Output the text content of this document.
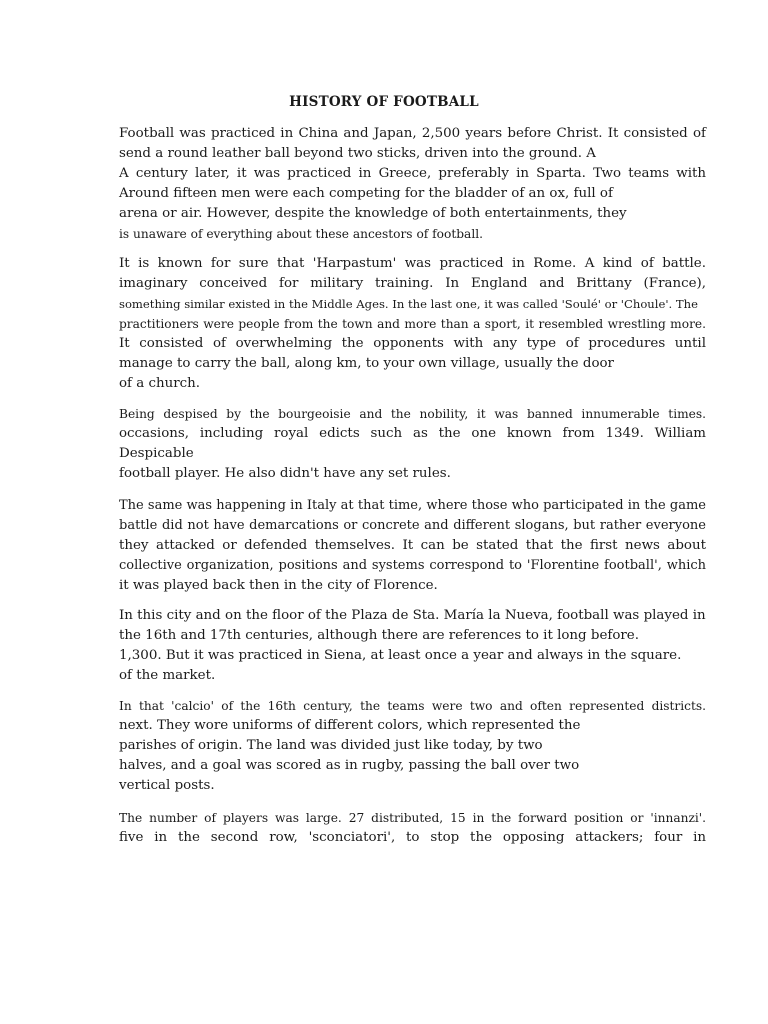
HISTORY OF FOOTBALL
Football was practiced in China and Japan, 2,500 years before Christ. It consisted of
send a round leather ball beyond two sticks, driven into the ground. A
A century later, it was practiced in Greece, preferably in Sparta. Two teams with
Around fifteen men were each competing for the bladder of an ox, full of
arena or air. However, despite the knowledge of both entertainments, they
is unaware of everything about these ancestors of football.
It is known for sure that 'Harpastum' was practiced in Rome. A kind of battle.
imaginary conceived for military training. In England and Brittany (France),
something similar existed in the Middle Ages. In the last one, it was called 'Soulé' or 'Choule'. The
practitioners were people from the town and more than a sport, it resembled wrestling more.
It consisted of overwhelming the opponents with any type of procedures until
manage to carry the ball, along km, to your own village, usually the door
of a church.
Being despised by the bourgeoisie and the nobility, it was banned innumerable times.
occasions, including royal edicts such as the one known from 1349. William
Despicable
football player. He also didn't have any set rules.
The same was happening in Italy at that time, where those who participated in the game
battle did not have demarcations or concrete and different slogans, but rather everyone
they attacked or defended themselves. It can be stated that the first news about
collective organization, positions and systems correspond to 'Florentine football', which
it was played back then in the city of Florence.
In this city and on the floor of the Plaza de Sta. María la Nueva, football was played in
the 16th and 17th centuries, although there are references to it long before.
1,300. But it was practiced in Siena, at least once a year and always in the square.
of the market.
In that 'calcio' of the 16th century, the teams were two and often represented districts.
next. They wore uniforms of different colors, which represented the
parishes of origin. The land was divided just like today, by two
halves, and a goal was scored as in rugby, passing the ball over two
vertical posts.
The number of players was large. 27 distributed, 15 in the forward position or 'innanzi'.
five in the second row, 'sconciatori', to stop the opposing attackers; four in
